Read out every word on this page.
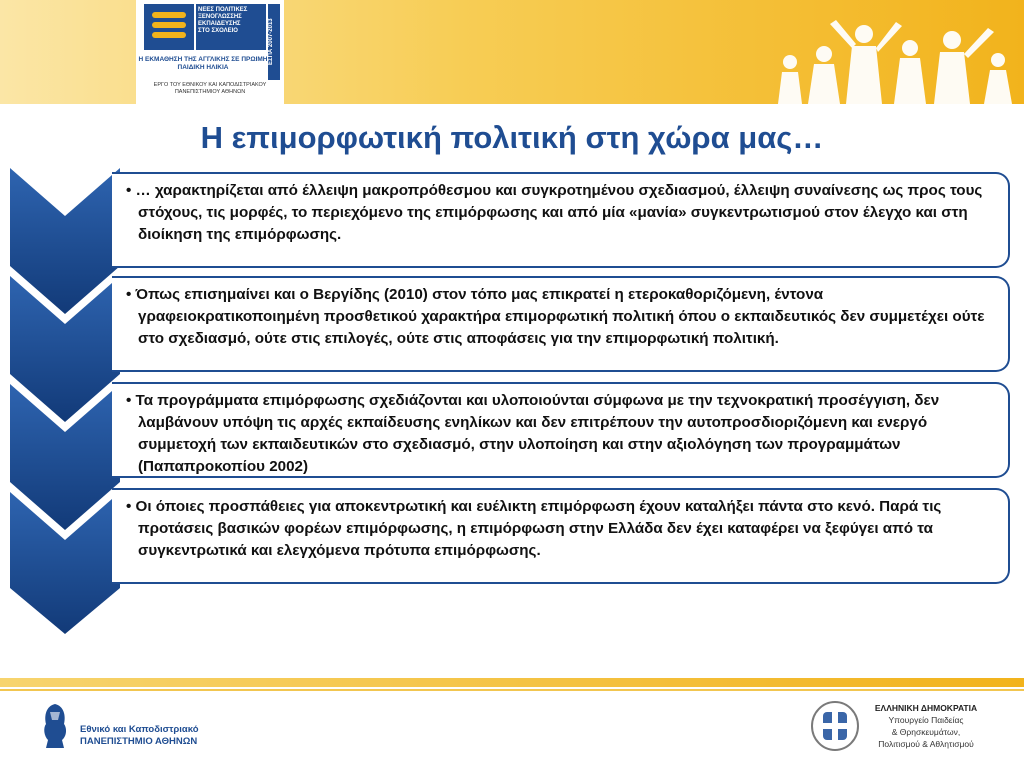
ΝΕΕΣ ΠΟΛΙΤΙΚΕΣ
ΞΕΝΟΓΛΩΣΣΗΣ
ΕΚΠΑΙΔΕΥΣΗΣ
ΣΤΟ ΣΧΟΛΕΙΟ	ΕΣΠΑ 2007-2013
Η ΕΚΜΑΘΗΣΗ ΤΗΣ ΑΓΓΛΙΚΗΣ ΣΕ ΠΡΩΙΜΗ ΠΑΙΔΙΚΗ ΗΛΙΚΙΑ
ΕΡΓΟ ΤΟΥ ΕΘΝΙΚΟΥ ΚΑΙ ΚΑΠΟΔΙΣΤΡΙΑΚΟΥ ΠΑΝΕΠΙΣΤΗΜΙΟΥ ΑΘΗΝΩΝ
Η επιμορφωτική πολιτική στη χώρα μας…

• … χαρακτηρίζεται από έλλειψη μακροπρόθεσμου και συγκροτημένου σχεδιασμού, έλλειψη συναίνεσης ως προς τους στόχους, τις μορφές, το περιεχόμενο της επιμόρφωσης και από μία «μανία» συγκεντρωτισμού στον έλεγχο και στη διοίκηση της επιμόρφωσης.

• Όπως επισημαίνει και ο Βεργίδης (2010) στον τόπο μας επικρατεί η ετεροκαθοριζόμενη, έντονα γραφειοκρατικοποιημένη προσθετικού χαρακτήρα επιμορφωτική πολιτική όπου ο εκπαιδευτικός δεν συμμετέχει ούτε στο σχεδιασμό, ούτε στις επιλογές, ούτε στις αποφάσεις για την επιμορφωτική πολιτική.

• Τα προγράμματα επιμόρφωσης σχεδιάζονται και υλοποιούνται σύμφωνα με την τεχνοκρατική προσέγγιση, δεν λαμβάνουν υπόψη τις αρχές εκπαίδευσης ενηλίκων και δεν επιτρέπουν την αυτοπροσδιοριζόμενη και ενεργό συμμετοχή των εκπαιδευτικών στο σχεδιασμό, στην υλοποίηση και στην αξιολόγηση των προγραμμάτων (Παπαπροκοπίου 2002)

• Οι όποιες προσπάθειες για αποκεντρωτική και ευέλικτη επιμόρφωση έχουν καταλήξει πάντα στο κενό. Παρά τις προτάσεις βασικών φορέων επιμόρφωσης, η επιμόρφωση στην Ελλάδα δεν έχει καταφέρει να ξεφύγει από τα συγκεντρωτικά και ελεγχόμενα πρότυπα επιμόρφωσης.

Εθνικό και Καποδιστριακό
ΠΑΝΕΠΙΣΤΗΜΙΟ ΑΘΗΝΩΝ
ΕΛΛΗΝΙΚΗ ΔΗΜΟΚΡΑΤΙΑ
Υπουργείο Παιδείας
& Θρησκευμάτων,
Πολιτισμού & Αθλητισμού
